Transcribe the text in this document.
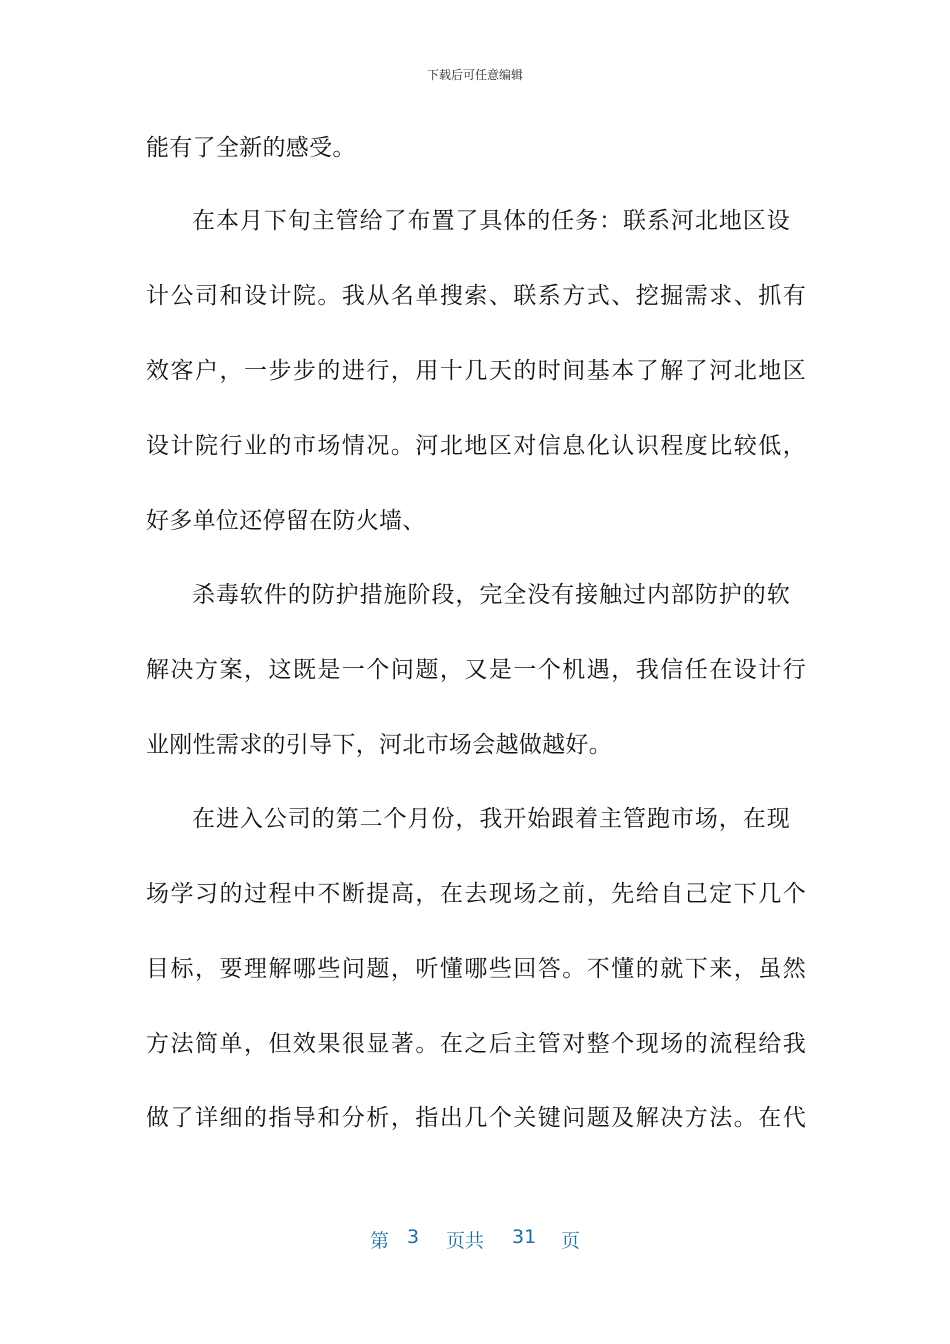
下载后可任意编辑
能有了全新的感受。
在本月下旬主管给了布置了具体的任务：联系河北地区设
计公司和设计院。我从名单搜索、联系方式、挖掘需求、抓有
效客户，一步步的进行，用十几天的时间基本了解了河北地区
设计院行业的市场情况。河北地区对信息化认识程度比较低，
好多单位还停留在防火墙、
杀毒软件的防护措施阶段，完全没有接触过内部防护的软
解决方案，这既是一个问题，又是一个机遇，我信任在设计行
业刚性需求的引导下，河北市场会越做越好。
在进入公司的第二个月份，我开始跟着主管跑市场，在现
场学习的过程中不断提高，在去现场之前，先给自己定下几个
目标，要理解哪些问题，听懂哪些回答。不懂的就下来，虽然
方法简单，但效果很显著。在之后主管对整个现场的流程给我
做了详细的指导和分析，指出几个关键问题及解决方法。在代
第 3 页共 31 页
